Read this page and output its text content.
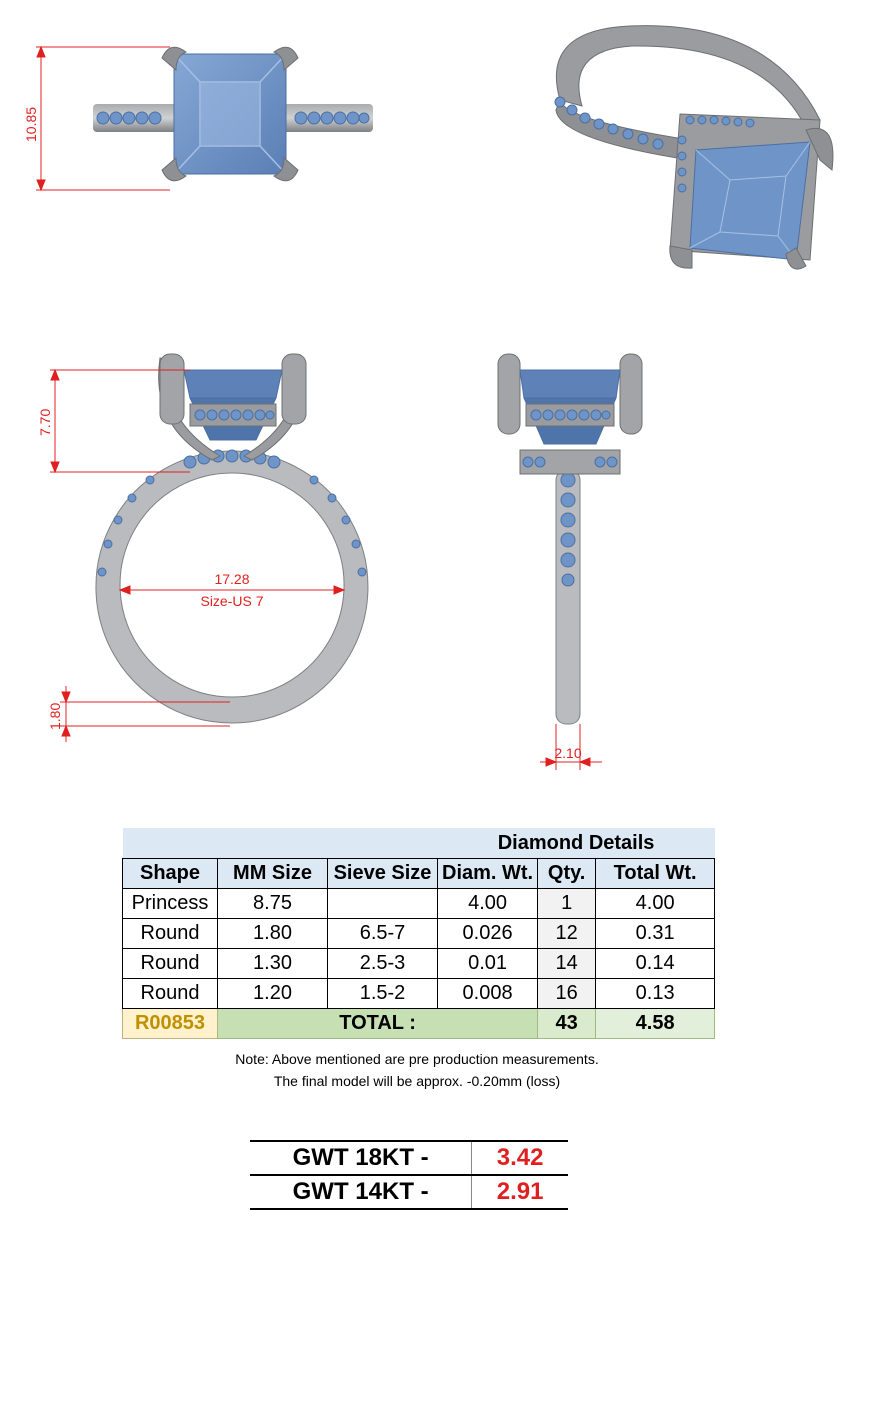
10.85
7.70
17.28
Size-US 7
1.80
2.10
			Diamond Details		
Shape	MM Size	Sieve Size	Diam. Wt.	Qty.	Total Wt.
Princess	8.75		4.00	1	4.00
Round	1.80	6.5-7	0.026	12	0.31
Round	1.30	2.5-3	0.01	14	0.14
Round	1.20	1.5-2	0.008	16	0.13
R00853	TOTAL :			43	4.58
Note: Above mentioned are pre production measurements.
The final model will be approx. -0.20mm (loss)
GWT 18KT -	3.42
GWT 14KT -	2.91
